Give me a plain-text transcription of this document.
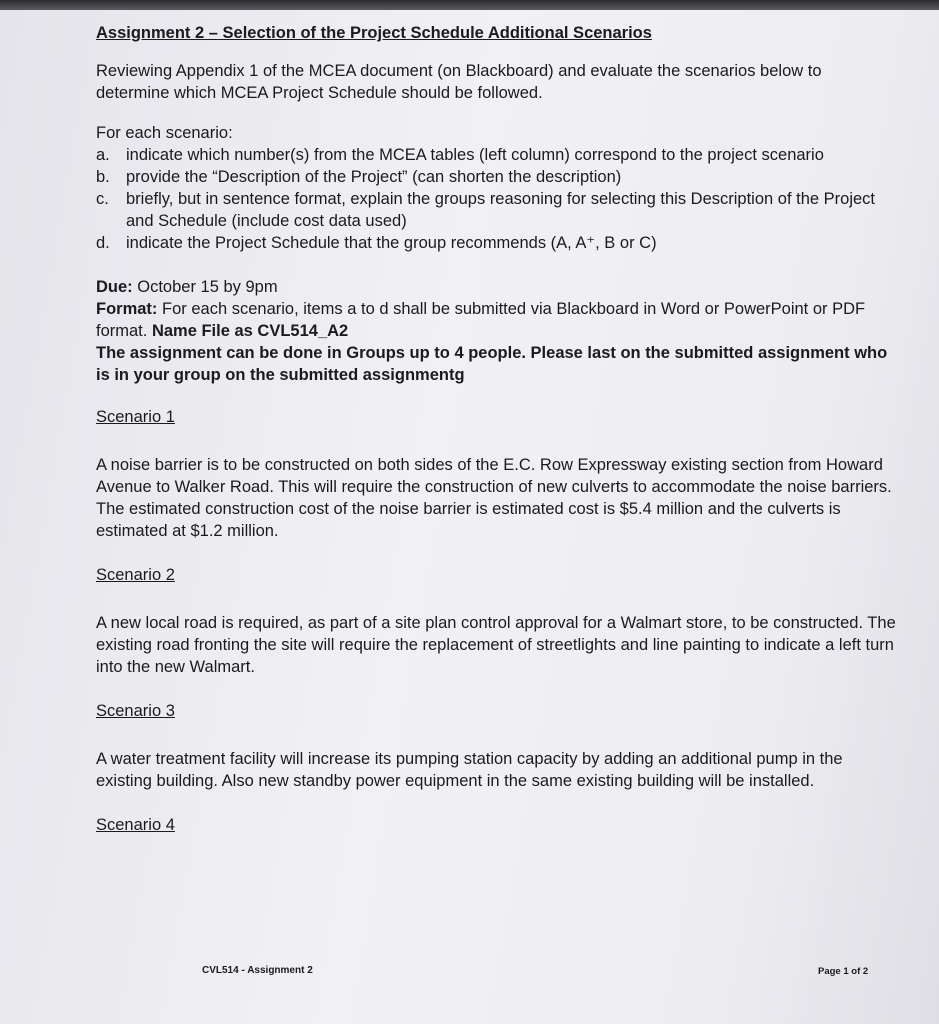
Assignment 2 – Selection of the Project Schedule Additional Scenarios

Reviewing Appendix 1 of the MCEA document (on Blackboard) and evaluate the scenarios below to determine which MCEA Project Schedule should be followed.

For each scenario:

a. indicate which number(s) from the MCEA tables (left column) correspond to the project scenario
b. provide the “Description of the Project” (can shorten the description)
c. briefly, but in sentence format, explain the groups reasoning for selecting this Description of the Project and Schedule (include cost data used)
d. indicate the Project Schedule that the group recommends (A, A⁺, B or C)

Due: October 15 by 9pm

Format: For each scenario, items a to d shall be submitted via Blackboard in Word or PowerPoint or PDF format. Name File as CVL514_A2

The assignment can be done in Groups up to 4 people. Please last on the submitted assignment who is in your group on the submitted assignmentg

Scenario 1

A noise barrier is to be constructed on both sides of the E.C. Row Expressway existing section from Howard Avenue to Walker Road. This will require the construction of new culverts to accommodate the noise barriers. The estimated construction cost of the noise barrier is estimated cost is $5.4 million and the culverts is estimated at $1.2 million.

Scenario 2

A new local road is required, as part of a site plan control approval for a Walmart store, to be constructed. The existing road fronting the site will require the replacement of streetlights and line painting to indicate a left turn into the new Walmart.

Scenario 3

A water treatment facility will increase its pumping station capacity by adding an additional pump in the existing building. Also new standby power equipment in the same existing building will be installed.

Scenario 4

CVL514 - Assignment 2	Page 1 of 2
